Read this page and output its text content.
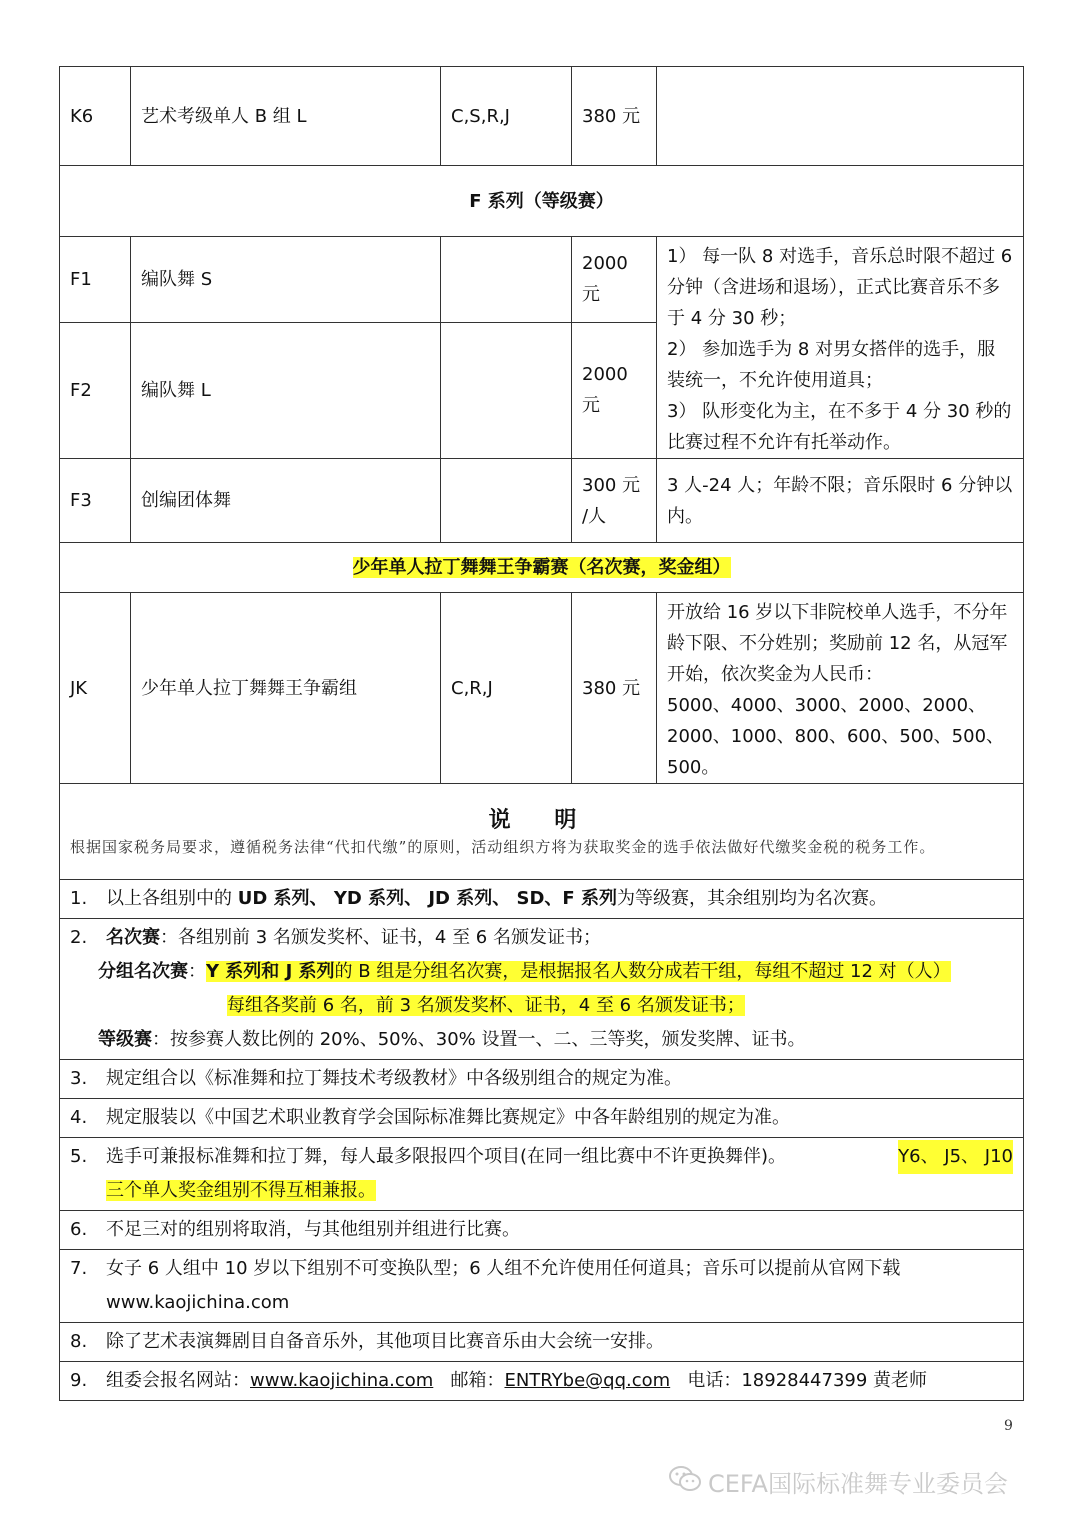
K6	艺术考级单人 B 组 L	C,S,R,J	380 元	
F 系列（等级赛）				
F1	编队舞 S		2000 元	1） 每一队 8 对选手，音乐总时限不超过 6 分钟（含进场和退场），正式比赛音乐不多于 4 分 30 秒；
2） 参加选手为 8 对男女搭伴的选手，服装统一，不允许使用道具；
3） 队形变化为主，在不多于 4 分 30 秒的比赛过程不允许有托举动作。

F2	编队舞 L		2000 元	
F3	创编团体舞		300 元 /人	3 人-24 人；年龄不限；音乐限时 6 分钟以内。
少年单人拉丁舞舞王争霸赛（名次赛，奖金组）				
JK	少年单人拉丁舞舞王争霸组	C,R,J	380 元	开放给 16 岁以下非院校单人选手，不分年龄下限、不分姓别；奖励前 12 名，从冠军开始，依次奖金为人民币：
5000、4000、3000、2000、2000、2000、1000、800、600、500、500、500。

说 明
根据国家税务局要求，遵循税务法律“代扣代缴”的原则，活动组织方将为获取奖金的选手依法做好代缴奖金税的税务工作。				

1. 以上各组别中的 UD 系列、 YD 系列、 JD 系列、 SD、F 系列为等级赛，其余组别均为名次赛。				

2. 名次赛：各组别前 3 名颁发奖杯、证书，4 至 6 名颁发证书；
分组名次赛：Y 系列和 J 系列的 B 组是分组名次赛，是根据报名人数分成若干组，每组不超过 12 对（人）
每组各奖前 6 名，前 3 名颁发奖杯、证书，4 至 6 名颁发证书；
等级赛：按参赛人数比例的 20%、50%、30% 设置一、二、三等奖，颁发奖牌、证书。				

3. 规定组合以《标准舞和拉丁舞技术考级教材》中各级别组合的规定为准。				
4. 规定服装以《中国艺术职业教育学会国际标准舞比赛规定》中各年龄组别的规定为准。				

5. 选手可兼报标准舞和拉丁舞，每人最多限报四个项目(在同一组比赛中不许更换舞伴)。 Y6、 J5、 J10
三个单人奖金组别不得互相兼报。				

6. 不足三对的组别将取消，与其他组别并组进行比赛。				

7. 女子 6 人组中 10 岁以下组别不可变换队型；6 人组不允许使用任何道具；音乐可以提前从官网下载
www.kaojichina.com				

8. 除了艺术表演舞剧目自备音乐外，其他项目比赛音乐由大会统一安排。				
9. 组委会报名网站：www.kaojichina.com 邮箱：ENTRYbe@qq.com 电话：18928447399 黄老师				
9
CEFA国际标准舞专业委员会
